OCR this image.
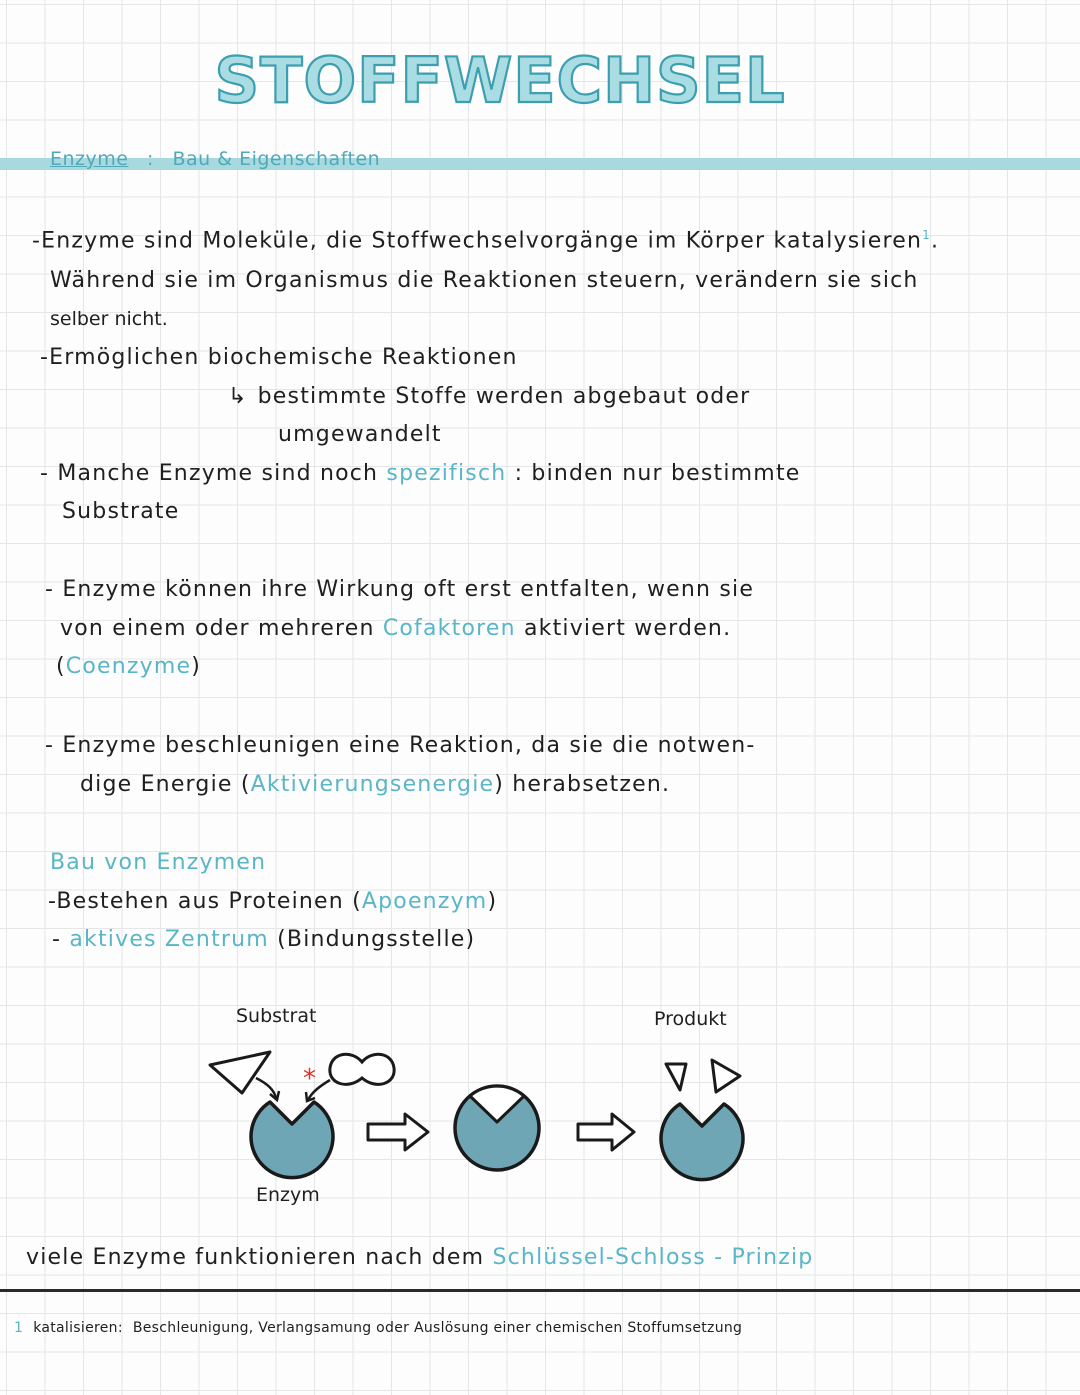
STOFFWECHSEL
Enzyme : Bau & Eigenschaften
-Enzyme sind Moleküle, die Stoffwechselvorgänge im Körper katalysieren$^1$.
Während sie im Organismus die Reaktionen steuern, verändern sie sich
selber nicht.
-Ermöglichen biochemische Reaktionen
↳ bestimmte Stoffe werden abgebaut oder
umgewandelt
- Manche Enzyme sind noch spezifisch : binden nur bestimmte
Substrate
- Enzyme können ihre Wirkung oft erst entfalten, wenn sie
von einem oder mehreren Cofaktoren aktiviert werden.
(Coenzyme)
- Enzyme beschleunigen eine Reaktion, da sie die notwen-
dige Energie (Aktivierungsenergie) herabsetzen.
Bau von Enzymen
-Bestehen aus Proteinen (Apoenzym)
- aktives Zentrum (Bindungsstelle)
Substrat	Produkt
Enzym
*
viele Enzyme funktionieren nach dem Schlüssel-Schloss - Prinzip
1 katalisieren: Beschleunigung, Verlangsamung oder Auslösung einer chemischen Stoffumsetzung
